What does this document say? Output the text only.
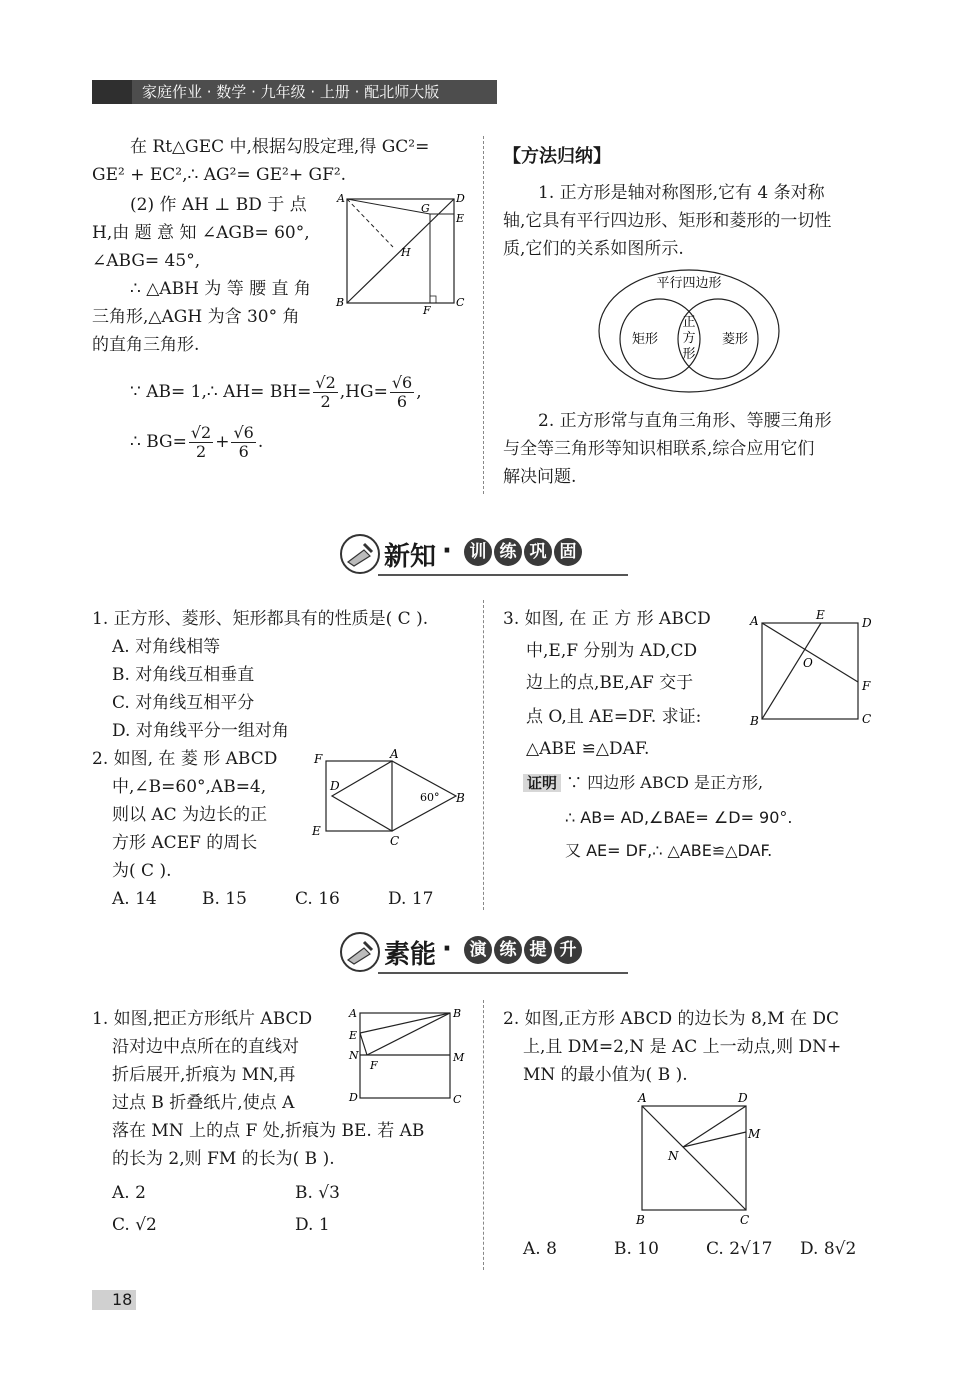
家庭作业 · 数学 · 九年级 · 上册 · 配北师大版
在 Rt△GEC 中,根据勾股定理,得 GC²=
GE² + EC²,∴ AG²= GE²+ GF².
(2) 作 AH ⊥ BD 于 点
H,由 题 意 知 ∠AGB= 60°,
∠ABG= 45°,
∴ △ABH 为 等 腰 直 角
三角形,△AGH 为含 30° 角
的直角三角形.
∵ AB= 1,∴ $AH= BH= \frac{√2}{2} ,HG= \frac{√6}{6}$ ,
∴ $BG= \frac{√2}{2} + \frac{√6}{6}$ .
A	D
G
E
H
B
F
C
【方法归纳】
1. 正方形是轴对称图形,它有 4 条对称
轴,它具有平行四边形、矩形和菱形的一切性
质,它们的关系如图所示.
平行四边形
矩形	菱形
正
方
形
2. 正方形常与直角三角形、等腰三角形
与全等三角形等知识相联系,综合应用它们
解决问题.
新知 ·	训 练 巩 固
1. 正方形、菱形、矩形都具有的性质是( C ).
A. 对角线相等
B. 对角线互相垂直
C. 对角线互相平分
D. 对角线平分一组对角
2. 如图, 在 菱 形 ABCD
中,∠B=60°,AB=4,
则以 AC 为边长的正
方形 ACEF 的周长
为( C ).
A. 14	B. 15	C. 16	D. 17
F	A
D
60° B
E
C
3. 如图, 在 正 方 形 ABCD
中,E,F 分别为 AD,CD
边上的点,BE,AF 交于
点 O,且 AE=DF. 求证:
△ABE ≌△DAF.
A	E
D
O
F
B	C
证明 ∵ 四边形 ABCD 是正方形,
∴ AB= AD,∠BAE= ∠D= 90°.
又 AE= DF,∴ △ABE≌△DAF.
素能 ·	演 练 提 升
1. 如图,把正方形纸片 ABCD
沿对边中点所在的直线对
折后展开,折痕为 MN,再
过点 B 折叠纸片,使点 A
落在 MN 上的点 F 处,折痕为 BE. 若 AB
的长为 2,则 FM 的长为( B ).
A. 2	B. √3
C. √2	D. 1
A	B
E
N	M
F
D	C
2. 如图,正方形 ABCD 的边长为 8,M 在 DC
上,且 DM=2,N 是 AC 上一动点,则 DN+
MN 的最小值为( B ).
A	D
M
N
B	C
A. 8	B. 10	C. 2√17 D. 8√2
18
